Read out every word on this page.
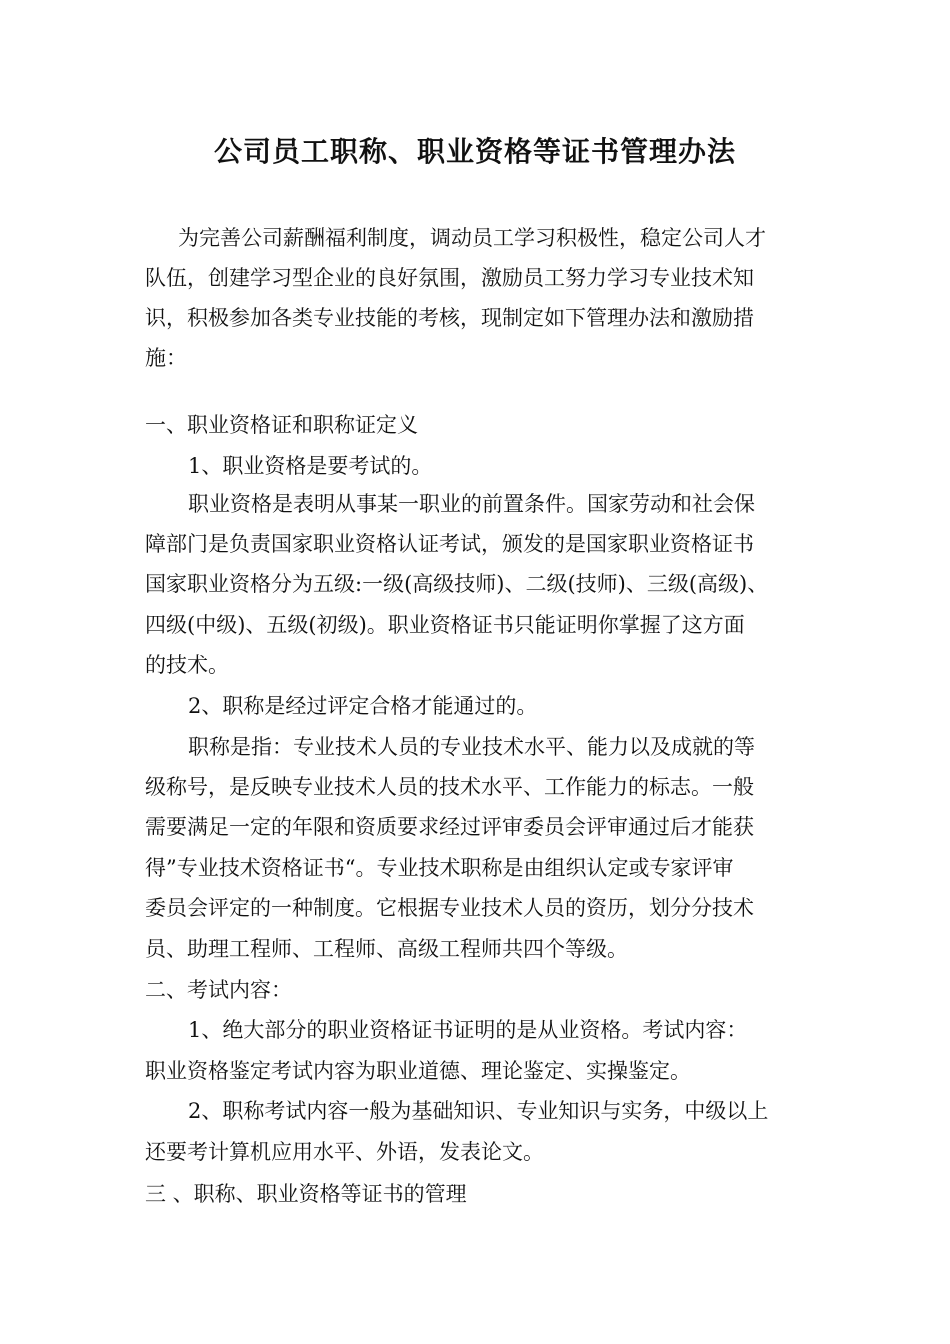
公司员工职称、职业资格等证书管理办法

为完善公司薪酬福利制度，调动员工学习积极性，稳定公司人才

队伍，创建学习型企业的良好氛围，激励员工努力学习专业技术知

识，积极参加各类专业技能的考核，现制定如下管理办法和激励措

施：

一、职业资格证和职称证定义

1、职业资格是要考试的。

职业资格是表明从事某一职业的前置条件。国家劳动和社会保

障部门是负责国家职业资格认证考试，颁发的是国家职业资格证书

国家职业资格分为五级:一级(高级技师)、二级(技师)、三级(高级)、

四级(中级)、五级(初级)。职业资格证书只能证明你掌握了这方面

的技术。

2、职称是经过评定合格才能通过的。

职称是指：专业技术人员的专业技术水平、能力以及成就的等

级称号，是反映专业技术人员的技术水平、工作能力的标志。一般

需要满足一定的年限和资质要求经过评审委员会评审通过后才能获

得”专业技术资格证书“。专业技术职称是由组织认定或专家评审

委员会评定的一种制度。它根据专业技术人员的资历，划分分技术

员、助理工程师、工程师、高级工程师共四个等级。

二、考试内容：

1、绝大部分的职业资格证书证明的是从业资格。考试内容：

职业资格鉴定考试内容为职业道德、理论鉴定、实操鉴定。

2、职称考试内容一般为基础知识、专业知识与实务，中级以上

还要考计算机应用水平、外语，发表论文。

三 、职称、职业资格等证书的管理
